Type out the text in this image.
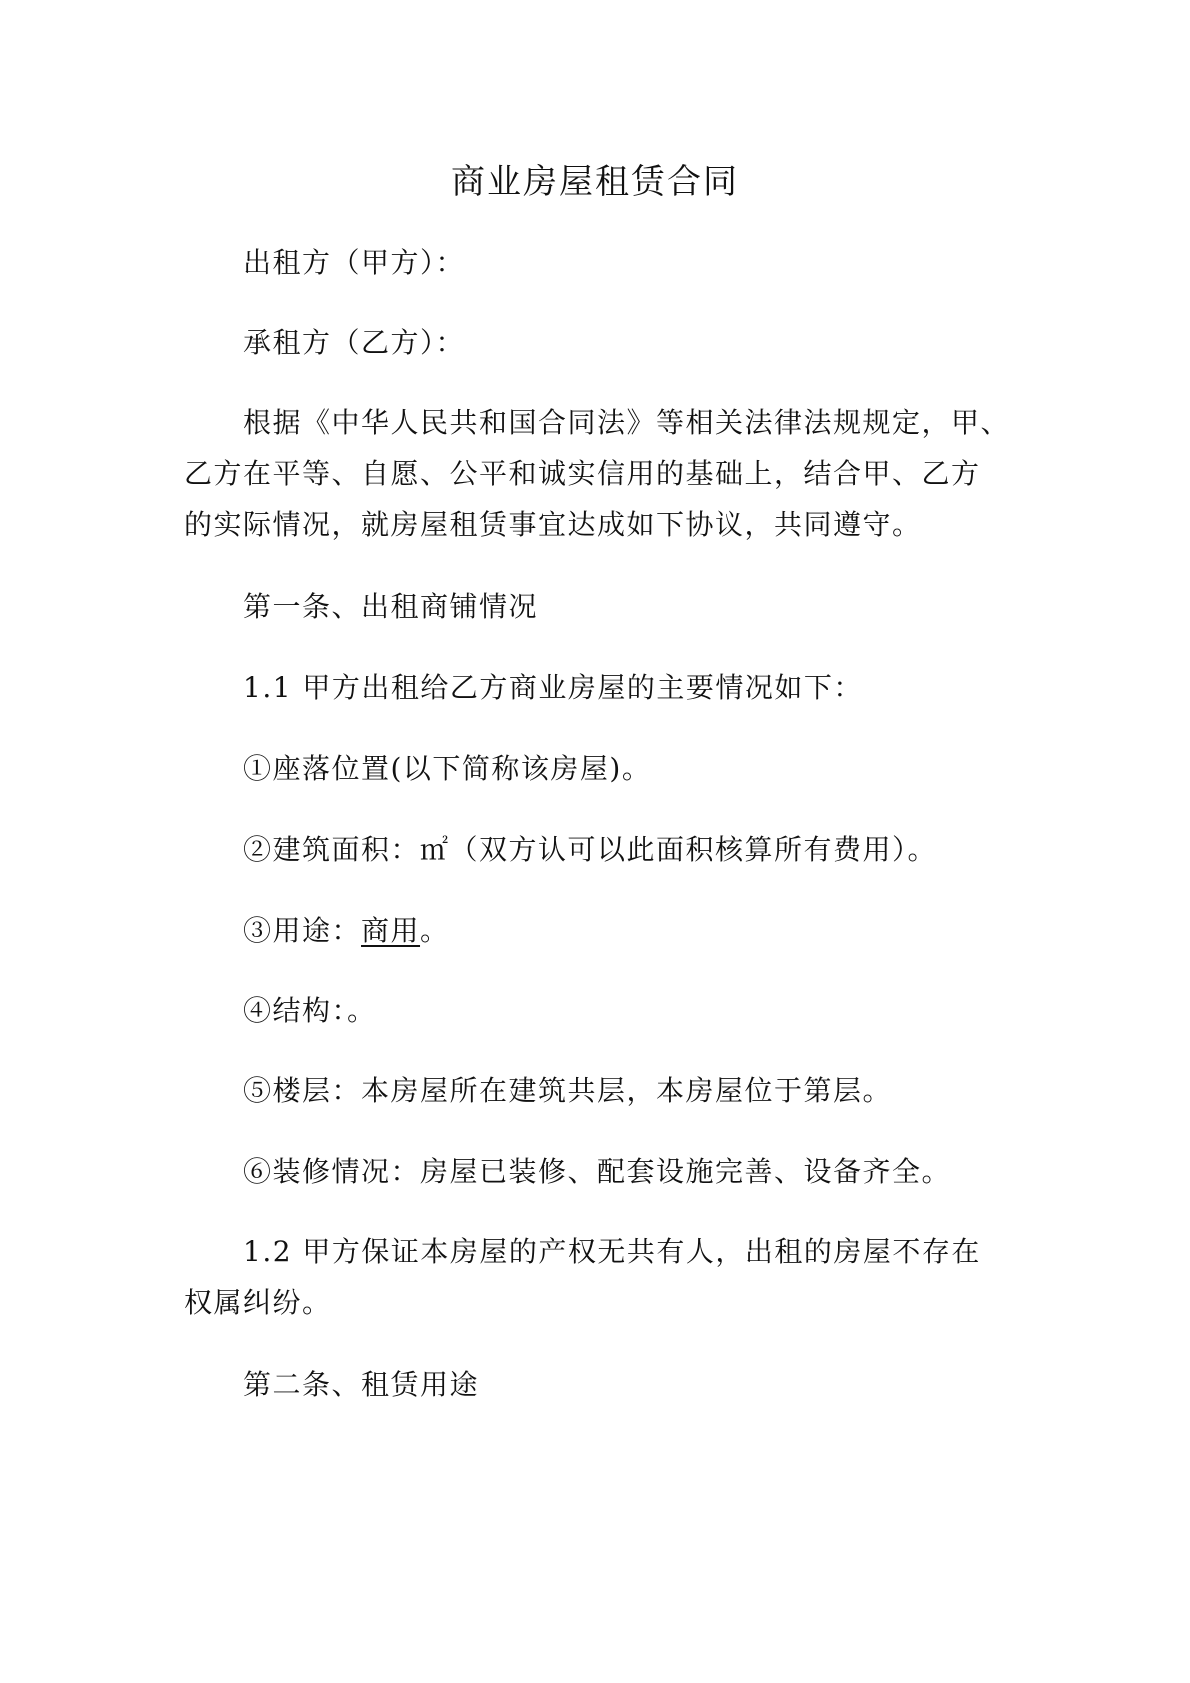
商业房屋租赁合同
出租方（甲方）：
承租方（乙方）：
根据《中华人民共和国合同法》等相关法律法规规定，甲、
乙方在平等、自愿、公平和诚实信用的基础上，结合甲、乙方
的实际情况，就房屋租赁事宜达成如下协议，共同遵守。
第一条、出租商铺情况
1.1 甲方出租给乙方商业房屋的主要情况如下：
①座落位置(以下简称该房屋)。
②建筑面积：㎡（双方认可以此面积核算所有费用）。
③用途：商用。
④结构：。
⑤楼层：本房屋所在建筑共层，本房屋位于第层。
⑥装修情况：房屋已装修、配套设施完善、设备齐全。
1.2 甲方保证本房屋的产权无共有人，出租的房屋不存在
权属纠纷。
第二条、租赁用途
